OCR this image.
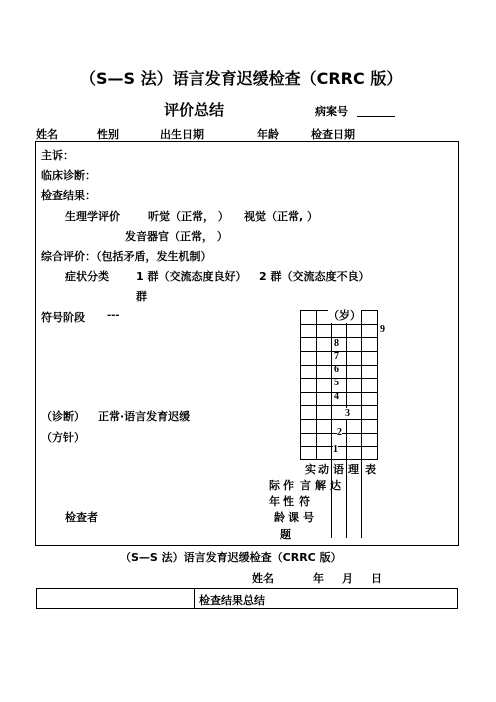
（S—S 法）语言发育迟缓检查（CRRC 版）
评价总结	病案号
姓名	性别	出生日期	年龄	检查日期
主诉：
临床诊断：
检查结果：
生理学评价	听觉（正常， ） 视觉（正常, ）
发音器官（正常， ）
综合评价：（包括矛盾，发生机制）
症状分类 1 群（交流态度良好） 2 群（交流态度不良）
群
符号阶段 ---	（岁）
9
8
7
6
5
4
3
2
1
（诊断） 正常·语言发育迟缓
（方针）
实
际
年
龄
动
作
性
课
题
语
言
符
号
理
解
表
达
检查者
（S—S 法）语言发育迟缓检查（CRRC 版）
姓名	年 月 日
检查结果总结
